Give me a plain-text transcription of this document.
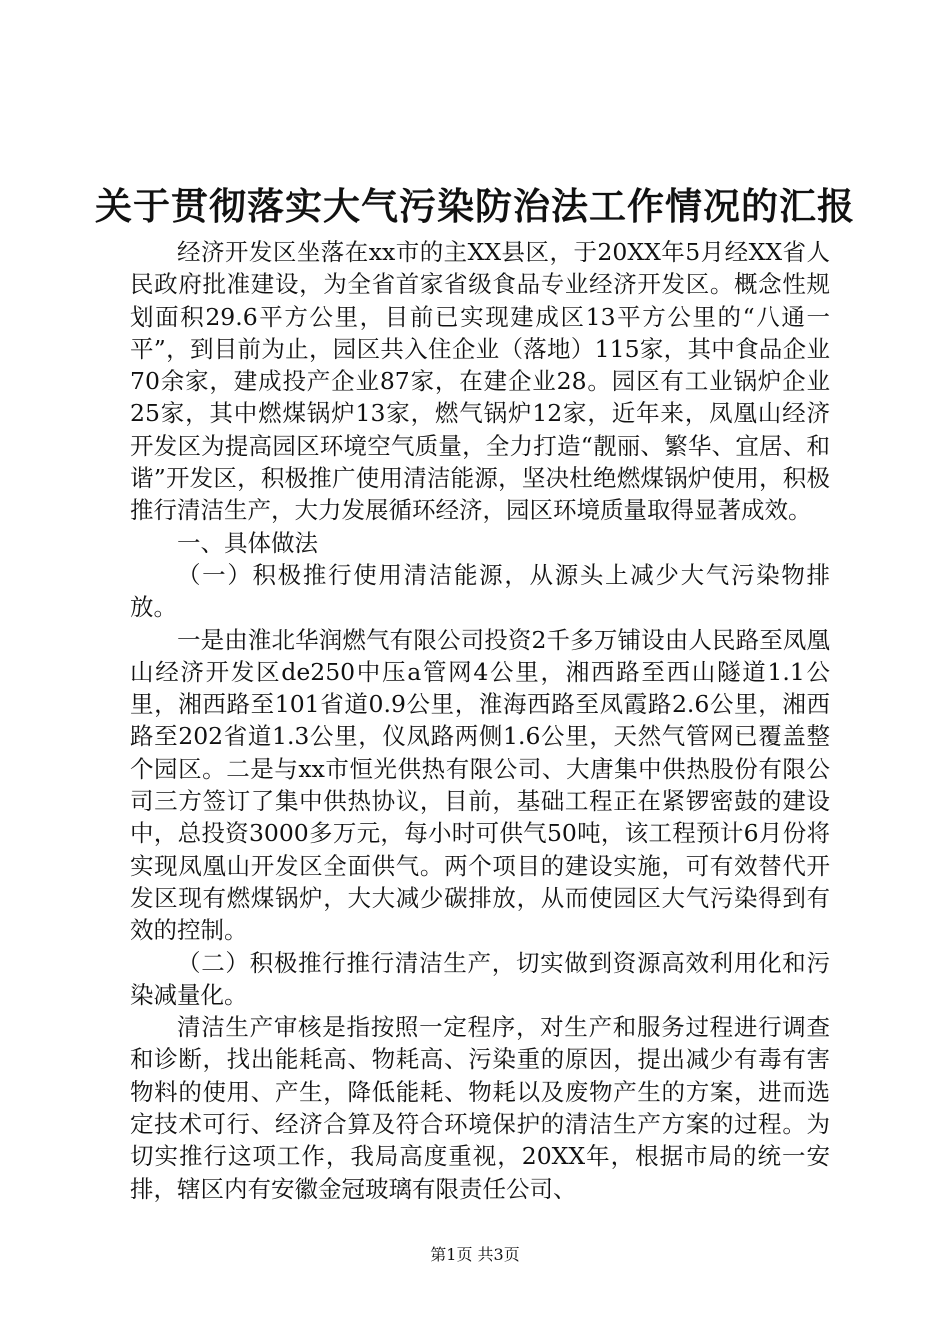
关于贯彻落实大气污染防治法工作情况的汇报

经济开发区坐落在xx市的主XX县区，于20XX年5月经XX省人民政府批准建设，为全省首家省级食品专业经济开发区。概念性规划面积29.6平方公里，目前已实现建成区13平方公里的“八通一平”，到目前为止，园区共入住企业（落地）115家，其中食品企业70余家，建成投产企业87家，在建企业28。园区有工业锅炉企业25家，其中燃煤锅炉13家，燃气锅炉12家，近年来，凤凰山经济开发区为提高园区环境空气质量，全力打造“靓丽、繁华、宜居、和谐”开发区，积极推广使用清洁能源，坚决杜绝燃煤锅炉使用，积极推行清洁生产，大力发展循环经济，园区环境质量取得显著成效。

一、具体做法

（一）积极推行使用清洁能源，从源头上减少大气污染物排放。

一是由淮北华润燃气有限公司投资2千多万铺设由人民路至凤凰山经济开发区de250中压a管网4公里，湘西路至西山隧道1.1公里，湘西路至101省道0.9公里，淮海西路至凤霞路2.6公里，湘西路至202省道1.3公里，仪凤路两侧1.6公里，天然气管网已覆盖整个园区。二是与xx市恒光供热有限公司、大唐集中供热股份有限公司三方签订了集中供热协议，目前，基础工程正在紧锣密鼓的建设中，总投资3000多万元，每小时可供气50吨，该工程预计6月份将实现凤凰山开发区全面供气。两个项目的建设实施，可有效替代开发区现有燃煤锅炉，大大减少碳排放，从而使园区大气污染得到有效的控制。

（二）积极推行推行清洁生产，切实做到资源高效利用化和污染减量化。

清洁生产审核是指按照一定程序，对生产和服务过程进行调查和诊断，找出能耗高、物耗高、污染重的原因，提出减少有毒有害物料的使用、产生，降低能耗、物耗以及废物产生的方案，进而选定技术可行、经济合算及符合环境保护的清洁生产方案的过程。为切实推行这项工作，我局高度重视，20XX年，根据市局的统一安排，辖区内有安徽金冠玻璃有限责任公司、

第1页 共3页
